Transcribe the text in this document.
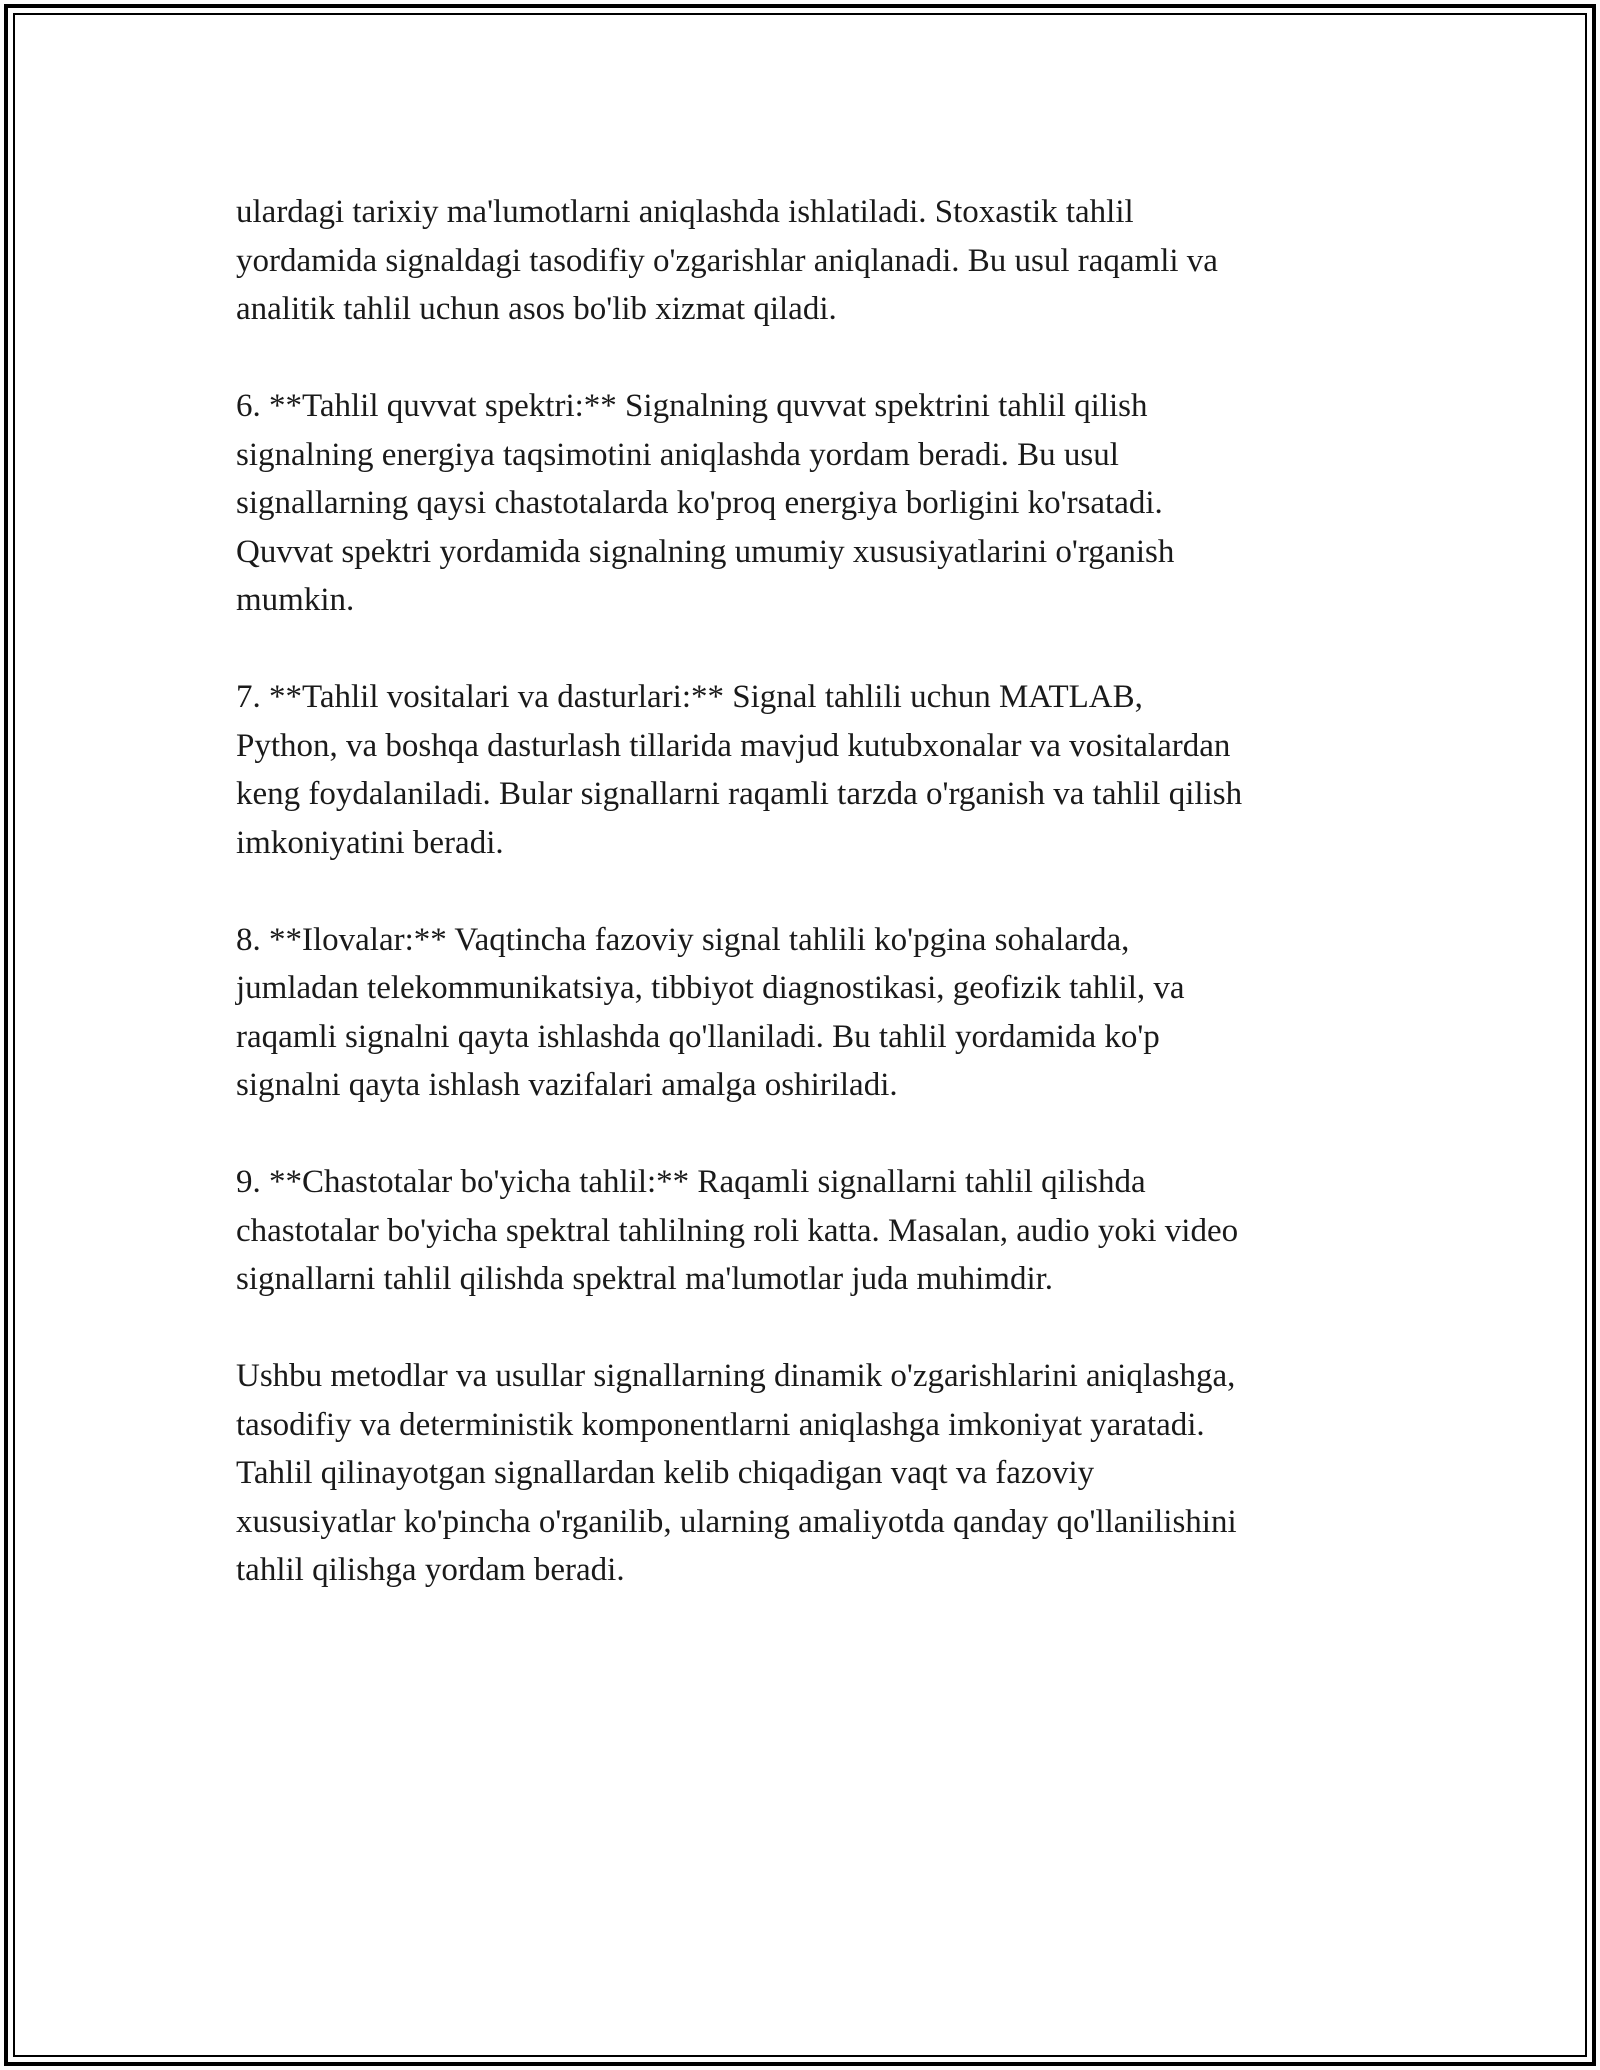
ulardagi tarixiy ma'lumotlarni aniqlashda ishlatiladi. Stoxastik tahlil
yordamida signaldagi tasodifiy o'zgarishlar aniqlanadi. Bu usul raqamli va
analitik tahlil uchun asos bo'lib xizmat qiladi.

6. **Tahlil quvvat spektri:** Signalning quvvat spektrini tahlil qilish
signalning energiya taqsimotini aniqlashda yordam beradi. Bu usul
signallarning qaysi chastotalarda ko'proq energiya borligini ko'rsatadi.
Quvvat spektri yordamida signalning umumiy xususiyatlarini o'rganish
mumkin.

7. **Tahlil vositalari va dasturlari:** Signal tahlili uchun MATLAB,
Python, va boshqa dasturlash tillarida mavjud kutubxonalar va vositalardan
keng foydalaniladi. Bular signallarni raqamli tarzda o'rganish va tahlil qilish
imkoniyatini beradi.

8. **Ilovalar:** Vaqtincha fazoviy signal tahlili ko'pgina sohalarda,
jumladan telekommunikatsiya, tibbiyot diagnostikasi, geofizik tahlil, va
raqamli signalni qayta ishlashda qo'llaniladi. Bu tahlil yordamida ko'p
signalni qayta ishlash vazifalari amalga oshiriladi.

9. **Chastotalar bo'yicha tahlil:** Raqamli signallarni tahlil qilishda
chastotalar bo'yicha spektral tahlilning roli katta. Masalan, audio yoki video
signallarni tahlil qilishda spektral ma'lumotlar juda muhimdir.

Ushbu metodlar va usullar signallarning dinamik o'zgarishlarini aniqlashga,
tasodifiy va deterministik komponentlarni aniqlashga imkoniyat yaratadi.
Tahlil qilinayotgan signallardan kelib chiqadigan vaqt va fazoviy
xususiyatlar ko'pincha o'rganilib, ularning amaliyotda qanday qo'llanilishini
tahlil qilishga yordam beradi.
